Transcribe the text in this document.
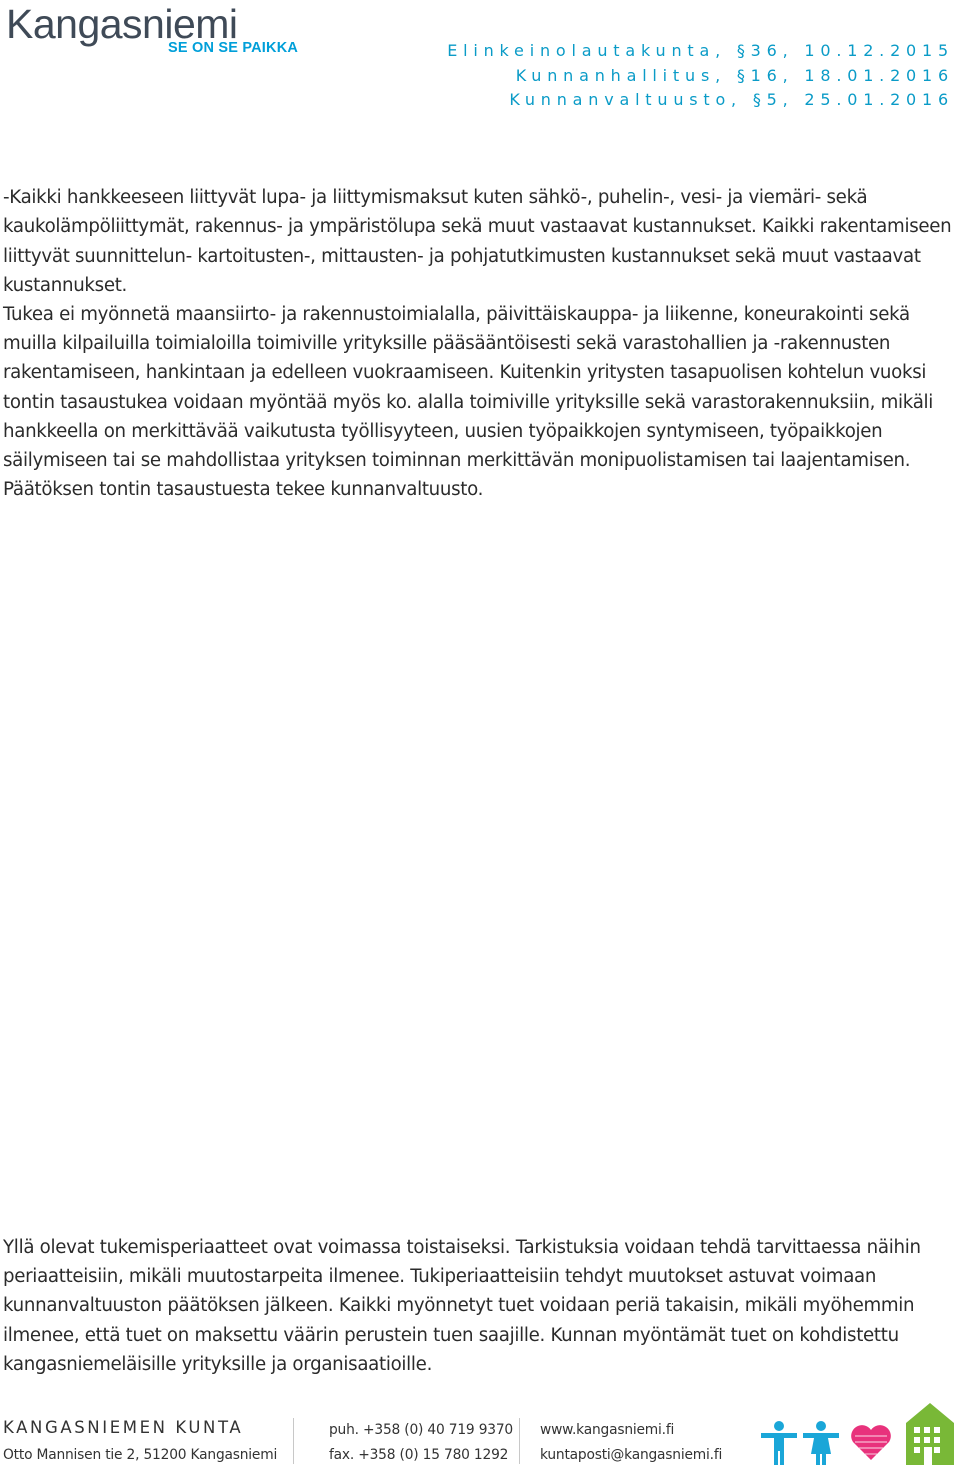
Kangasniemi
SE ON SE PAIKKA	Elinkeinolautakunta, §36, 10.12.2015
Kunnanhallitus, §16, 18.01.2016
Kunnanvaltuusto, §5, 25.01.2016
-Kaikki hankkeeseen liittyvät lupa- ja liittymismaksut kuten sähkö-, puhelin-, vesi- ja viemäri- sekä kaukolämpöliittymät, rakennus- ja ympäristölupa sekä muut vastaavat kustannukset. Kaikki rakentamiseen liittyvät suunnittelun- kartoitusten-, mittausten- ja pohjatutkimusten kustannukset sekä muut vastaavat kustannukset.
Tukea ei myönnetä maansiirto- ja rakennustoimialalla, päivittäiskauppa- ja liikenne, koneurakointi sekä muilla kilpailuilla toimialoilla toimiville yrityksille pääsääntöisesti sekä varastohallien ja -rakennusten rakentamiseen, hankintaan ja edelleen vuokraamiseen. Kuitenkin yritysten tasapuolisen kohtelun vuoksi tontin tasaustukea voidaan myöntää myös ko. alalla toimiville yrityksille sekä varastorakennuksiin, mikäli hankkeella on merkittävää vaikutusta työllisyyteen, uusien työpaikkojen syntymiseen, työpaikkojen säilymiseen tai se mahdollistaa yrityksen toiminnan merkittävän monipuolistamisen tai laajentamisen.
Päätöksen tontin tasaustuesta tekee kunnanvaltuusto.
Yllä olevat tukemisperiaatteet ovat voimassa toistaiseksi. Tarkistuksia voidaan tehdä tarvittaessa näihin periaatteisiin, mikäli muutostarpeita ilmenee. Tukiperiaatteisiin tehdyt muutokset astuvat voimaan kunnanvaltuuston päätöksen jälkeen. Kaikki myönnetyt tuet voidaan periä takaisin, mikäli myöhemmin ilmenee, että tuet on maksettu väärin perustein tuen saajille. Kunnan myöntämät tuet on kohdistettu kangasniemeläisille yrityksille ja organisaatioille.
KANGASNIEMEN KUNTA
Otto Mannisen tie 2, 51200 Kangasniemi
puh. +358 (0) 40 719 9370
fax. +358 (0) 15 780 1292
www.kangasniemi.fi
kuntaposti@kangasniemi.fi
